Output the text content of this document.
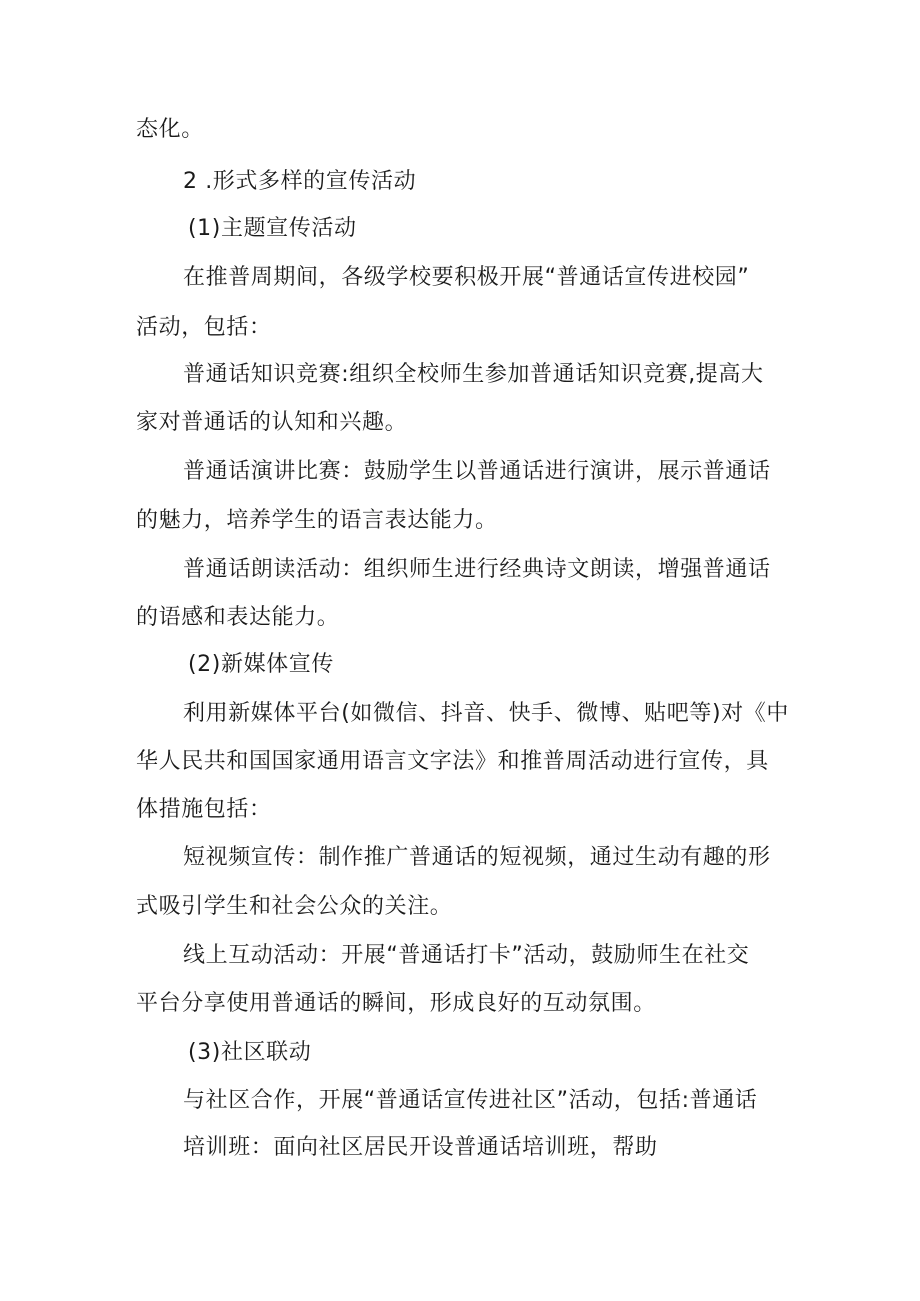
态化。
2 .形式多样的宣传活动
(1)主题宣传活动
在推普周期间，各级学校要积极开展“普通话宣传进校园”
活动，包括：
普通话知识竞赛:组织全校师生参加普通话知识竞赛,提高大
家对普通话的认知和兴趣。
普通话演讲比赛：鼓励学生以普通话进行演讲，展示普通话
的魅力，培养学生的语言表达能力。
普通话朗读活动：组织师生进行经典诗文朗读，增强普通话
的语感和表达能力。
(2)新媒体宣传
利用新媒体平台(如微信、抖音、快手、微博、贴吧等)对《中
华人民共和国国家通用语言文字法》和推普周活动进行宣传，具
体措施包括：
短视频宣传：制作推广普通话的短视频，通过生动有趣的形
式吸引学生和社会公众的关注。
线上互动活动：开展“普通话打卡”活动，鼓励师生在社交
平台分享使用普通话的瞬间，形成良好的互动氛围。
(3)社区联动
与社区合作，开展“普通话宣传进社区”活动，包括:普通话
培训班：面向社区居民开设普通话培训班，帮助
